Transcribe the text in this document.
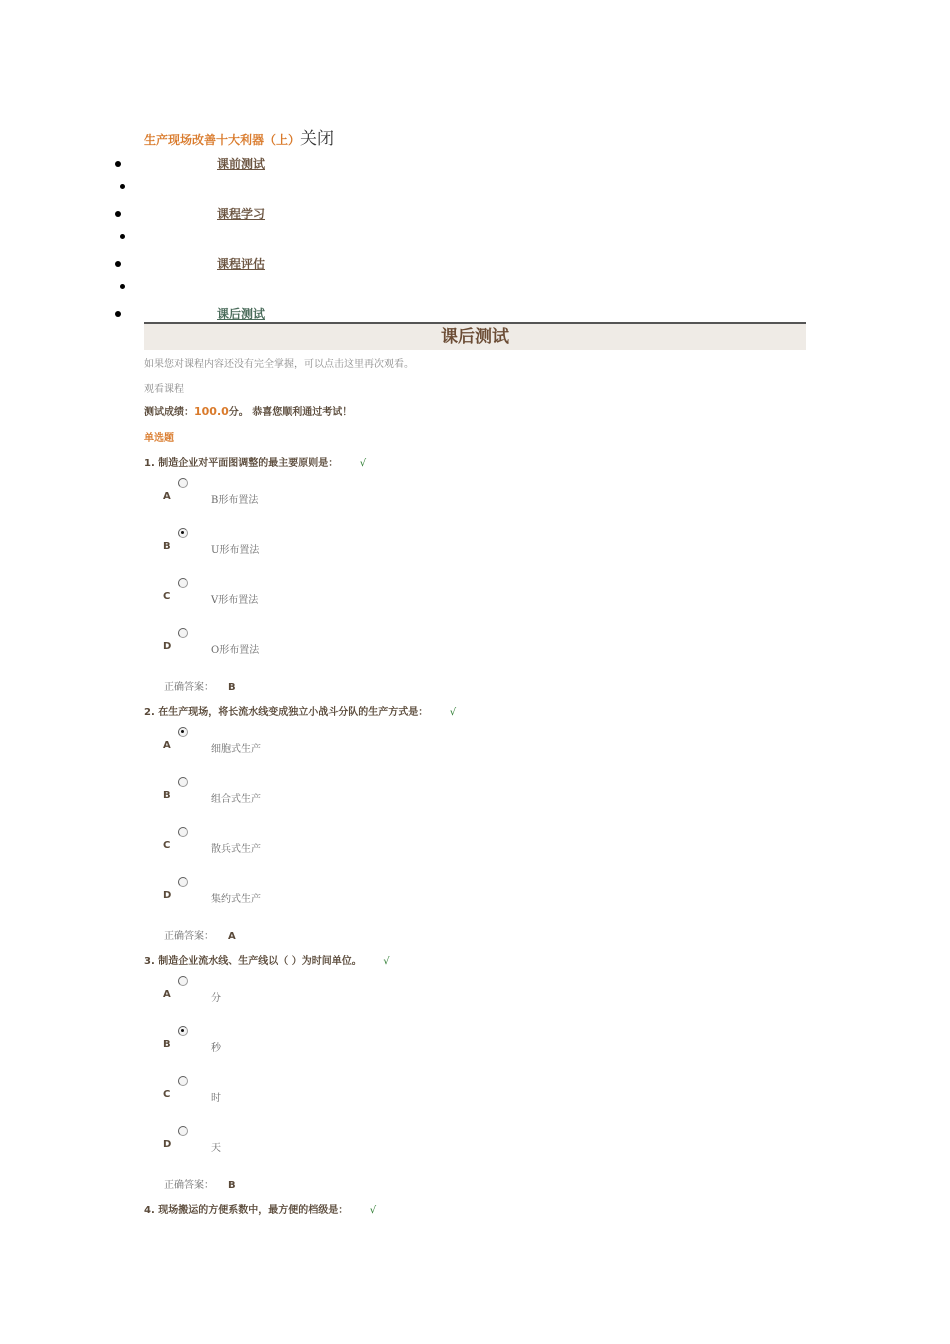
生产现场改善十大利器（上）关闭
课前测试
课程学习
课程评估
课后测试
课后测试
如果您对课程内容还没有完全掌握，可以点击这里再次观看。
观看课程
测试成绩：100.0分。 恭喜您顺利通过考试！
单选题
1. 制造企业对平面图调整的最主要原则是： √
A	B形布置法
B	U形布置法
C	V形布置法
D	O形布置法
正确答案： B
2. 在生产现场，将长流水线变成独立小战斗分队的生产方式是： √
A	细胞式生产
B	组合式生产
C	散兵式生产
D	集约式生产
正确答案： A
3. 制造企业流水线、生产线以（ ）为时间单位。 √
A	分
B	秒
C	时
D	天
正确答案： B
4. 现场搬运的方便系数中，最方便的档级是： √
